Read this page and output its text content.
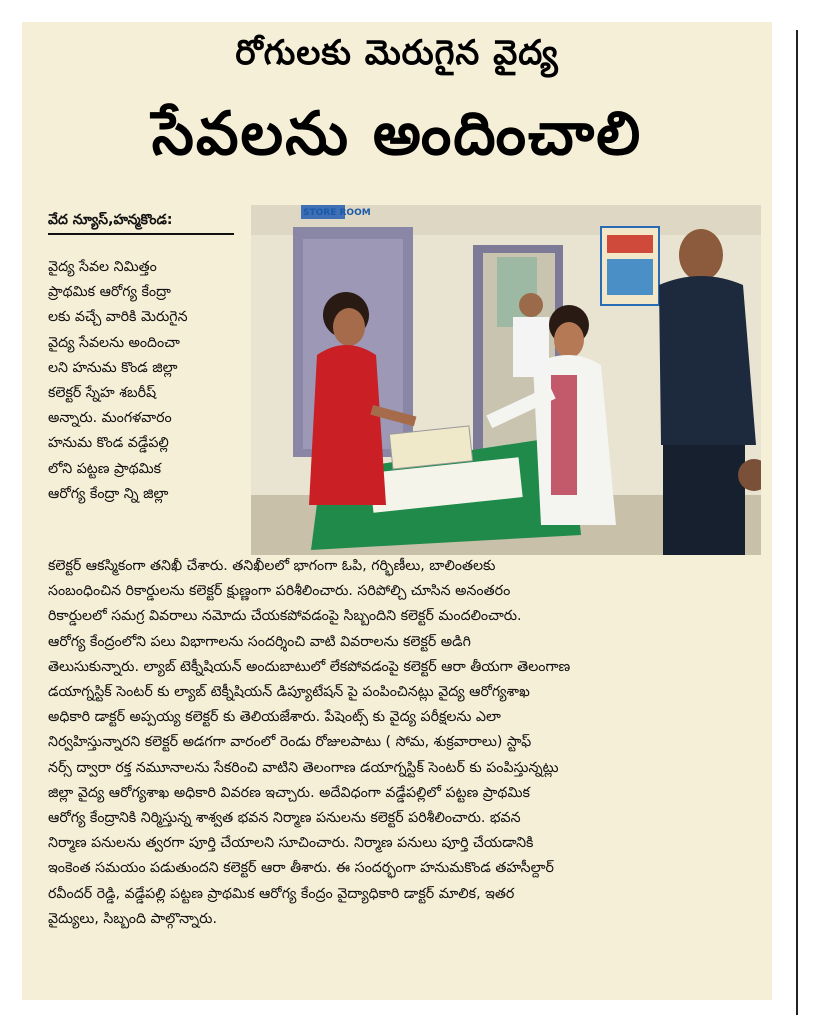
రోగులకు మెరుగైన వైద్య
సేవలను అందించాలి
వేద న్యూస్,హన్మకొండ:
వైద్య సేవల నిమిత్తం
ప్రాథమిక ఆరోగ్య కేంద్రా
లకు వచ్చే వారికి మెరుగైన
వైద్య సేవలను అందించా
లని హనుమ కొండ జిల్లా
కలెక్టర్ స్నేహ శబరీష్
అన్నారు. మంగళవారం
హనుమ కొండ వడ్డేపల్లి
లోని పట్టణ ప్రాథమిక
ఆరోగ్య కేంద్రా న్ని జిల్లా
STORE ROOM
కలెక్టర్ ఆకస్మికంగా తనిఖీ చేశారు. తనిఖీలలో భాగంగా ఓపి, గర్భిణీలు, బాలింతలకు
సంబంధించిన రికార్డులను కలెక్టర్ క్షుణ్ణంగా పరిశీలించారు. సరిపోల్చి చూసిన అనంతరం
రికార్డులలో సమగ్ర వివరాలు నమోదు చేయకపోవడంపై సిబ్బందిని కలెక్టర్ మందలించారు.
ఆరోగ్య కేంద్రంలోని పలు విభాగాలను సందర్శించి వాటి వివరాలను కలెక్టర్ అడిగి
తెలుసుకున్నారు. ల్యాబ్ టెక్నీషియన్ అందుబాటులో లేకపోవడంపై కలెక్టర్ ఆరా తీయగా తెలంగాణ
డయాగ్నస్టిక్ సెంటర్ కు ల్యాబ్ టెక్నీషియన్ డిప్యూటేషన్ పై పంపించినట్లు వైద్య ఆరోగ్యశాఖ
అధికారి డాక్టర్ అప్పయ్య కలెక్టర్ కు తెలియజేశారు. పేషెంట్స్ కు వైద్య పరీక్షలను ఎలా
నిర్వహిస్తున్నారని కలెక్టర్ అడగగా వారంలో రెండు రోజులపాటు ( సోమ, శుక్రవారాలు) స్టాఫ్
నర్స్ ద్వారా రక్త నమూనాలను సేకరించి వాటిని తెలంగాణ డయాగ్నస్టిక్ సెంటర్ కు పంపిస్తున్నట్లు
జిల్లా వైద్య ఆరోగ్యశాఖ అధికారి వివరణ ఇచ్చారు. అదేవిధంగా వడ్డేపల్లిలో పట్టణ ప్రాథమిక
ఆరోగ్య కేంద్రానికి నిర్మిస్తున్న శాశ్వత భవన నిర్మాణ పనులను కలెక్టర్ పరిశీలించారు. భవన
నిర్మాణ పనులను త్వరగా పూర్తి చేయాలని సూచించారు. నిర్మాణ పనులు పూర్తి చేయడానికి
ఇంకెంత సమయం పడుతుందని కలెక్టర్ ఆరా తీశారు. ఈ సందర్భంగా హనుమకొండ తహసీల్దార్
రవీందర్ రెడ్డి, వడ్డేపల్లి పట్టణ ప్రాథమిక ఆరోగ్య కేంద్రం వైద్యాధికారి డాక్టర్ మాలిక, ఇతర
వైద్యులు, సిబ్బంది పాల్గొన్నారు.
